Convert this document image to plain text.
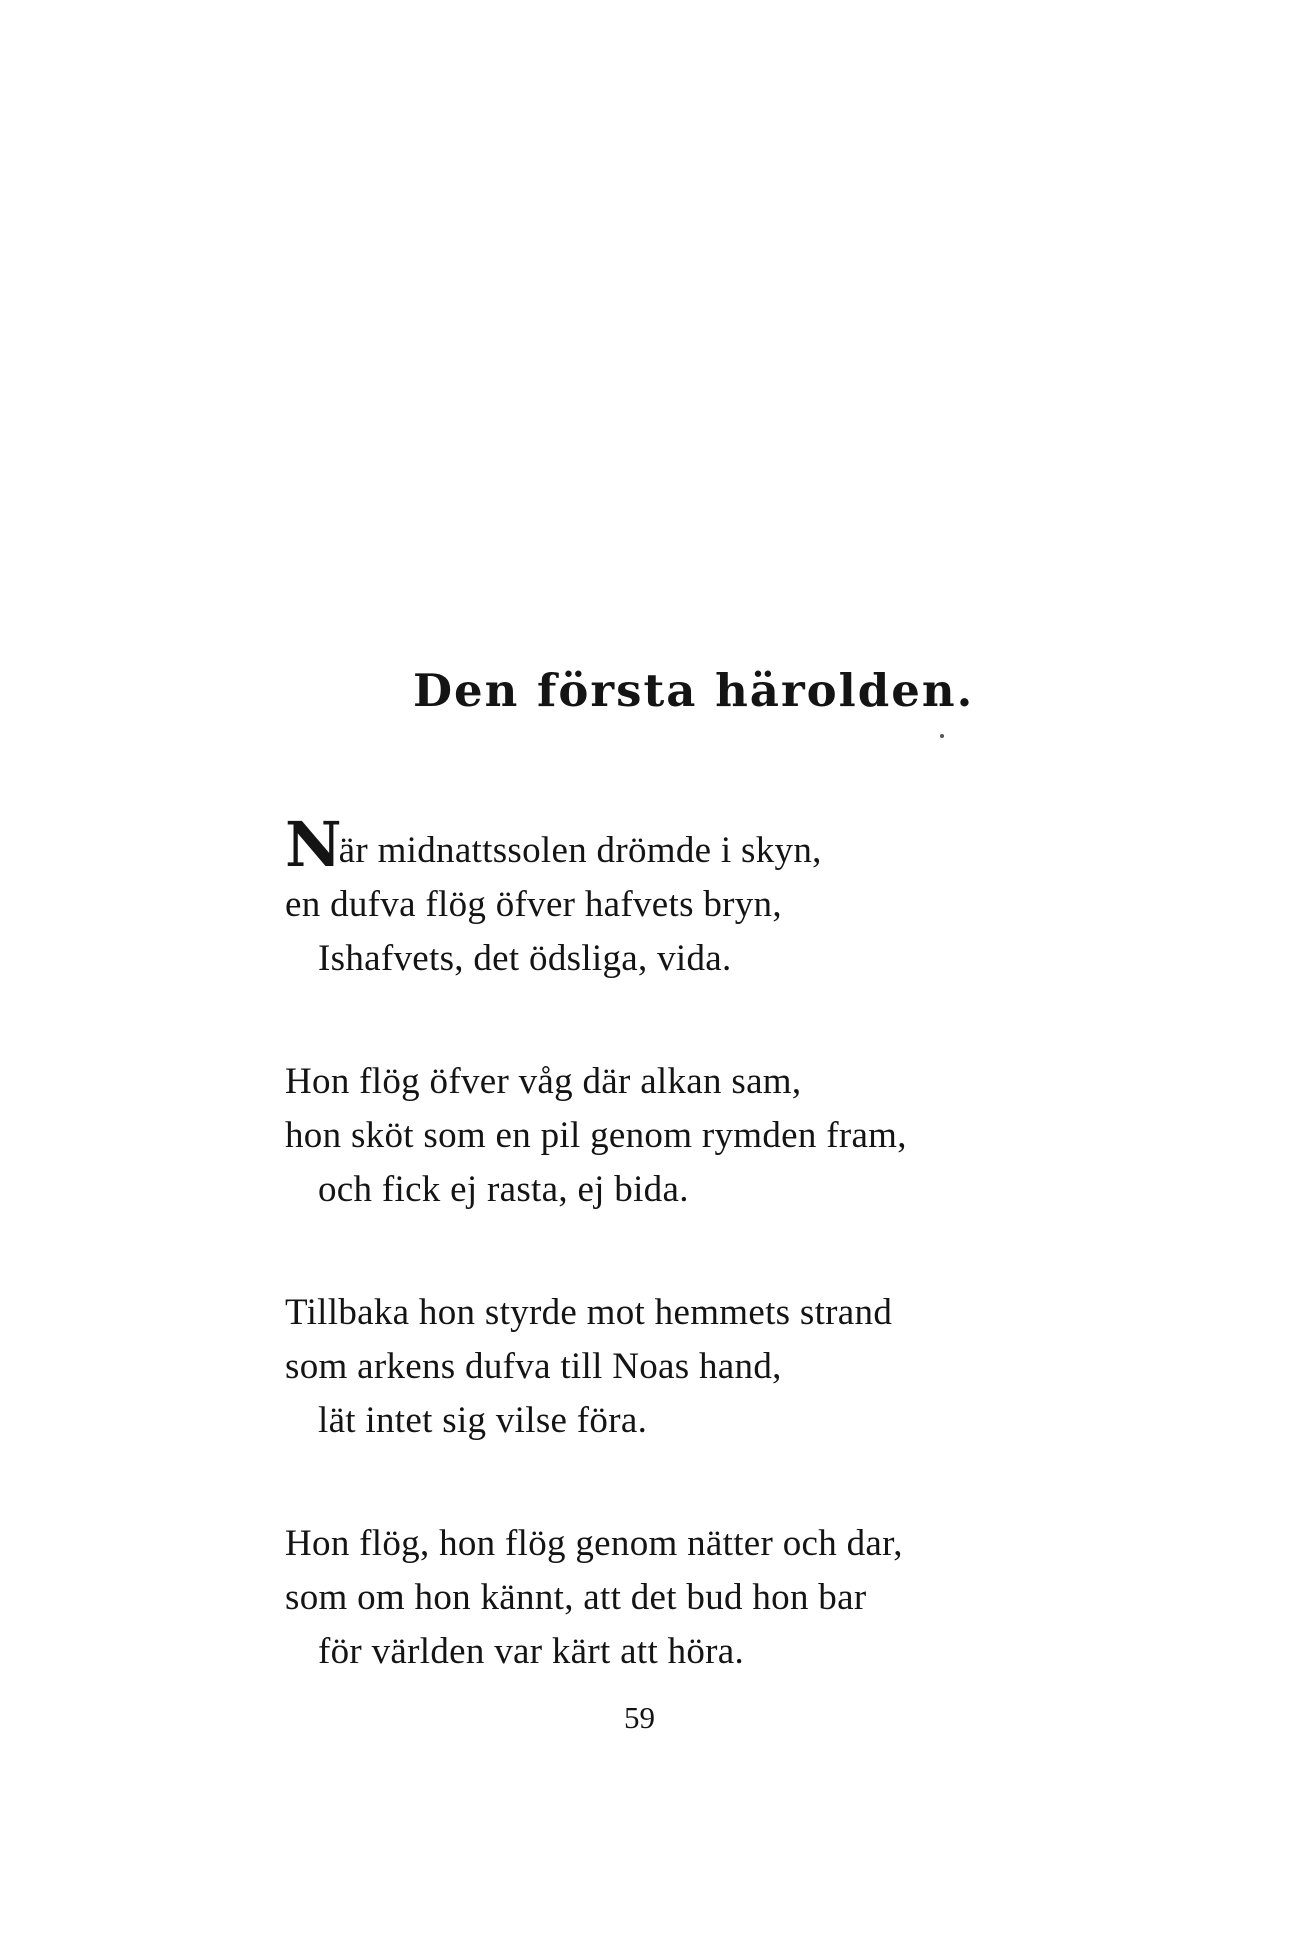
Den första härolden.
När midnattssolen drömde i skyn,
en dufva flög öfver hafvets bryn,
Ishafvets, det ödsliga, vida.
Hon flög öfver våg där alkan sam,
hon sköt som en pil genom rymden fram,
och fick ej rasta, ej bida.
Tillbaka hon styrde mot hemmets strand
som arkens dufva till Noas hand,
lät intet sig vilse föra.
Hon flög, hon flög genom nätter och dar,
som om hon kännt, att det bud hon bar
för världen var kärt att höra.
59
